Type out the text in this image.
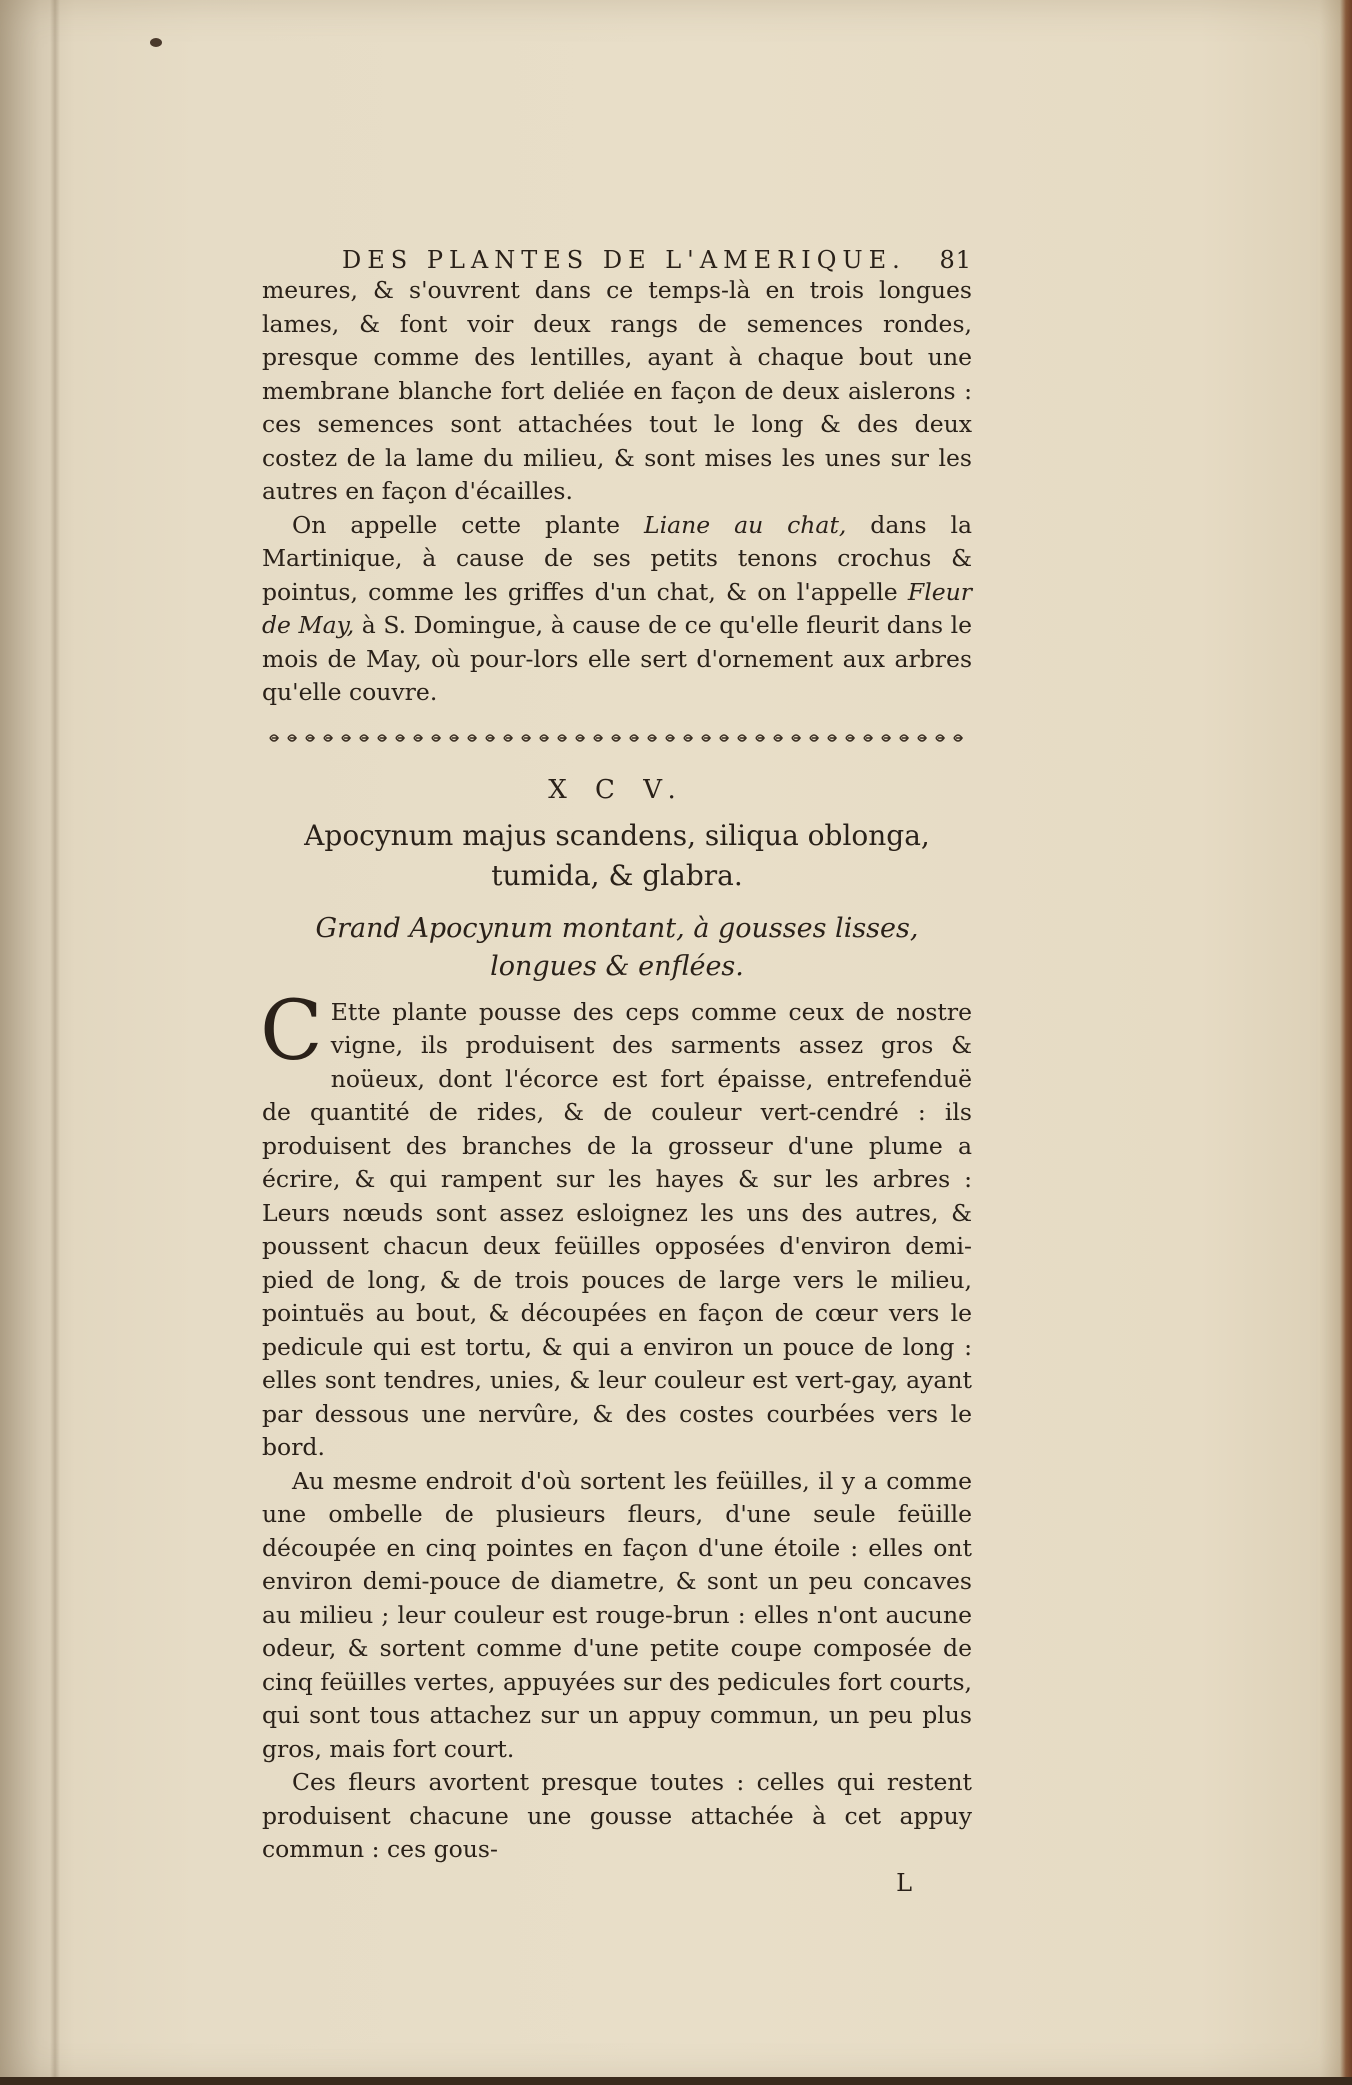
DES PLANTES DE L'AMERIQUE. 81

meures, & s'ouvrent dans ce temps-là en trois longues lames, & font voir deux rangs de semences rondes, presque comme des lentilles, ayant à chaque bout une membrane blanche fort deliée en façon de deux aislerons : ces semences sont attachées tout le long & des deux costez de la lame du milieu, & sont mises les unes sur les autres en façon d'écailles.

On appelle cette plante Liane au chat, dans la Martinique, à cause de ses petits tenons crochus & pointus, comme les griffes d'un chat, & on l'appelle Fleur de May, à S. Domingue, à cause de ce qu'elle fleurit dans le mois de May, où pour-lors elle sert d'ornement aux arbres qu'elle couvre.

X C V.
Apocynum majus scandens, siliqua oblonga, tumida, & glabra.
Grand Apocynum montant, à gousses lisses, longues & enflées.

C Ette plante pousse des ceps comme ceux de nostre vigne, ils produisent des sarments assez gros & noüeux, dont l'écorce est fort épaisse, entrefenduë de quantité de rides, & de couleur vert-cendré : ils produisent des branches de la grosseur d'une plume a écrire, & qui rampent sur les hayes & sur les arbres : Leurs nœuds sont assez esloignez les uns des autres, & poussent chacun deux feüilles opposées d'environ demi-pied de long, & de trois pouces de large vers le milieu, pointuës au bout, & découpées en façon de cœur vers le pedicule qui est tortu, & qui a environ un pouce de long : elles sont tendres, unies, & leur couleur est vert-gay, ayant par dessous une nervûre, & des costes courbées vers le bord.

Au mesme endroit d'où sortent les feüilles, il y a comme une ombelle de plusieurs fleurs, d'une seule feüille découpée en cinq pointes en façon d'une étoile : elles ont environ demi-pouce de diametre, & sont un peu concaves au milieu ; leur couleur est rouge-brun : elles n'ont aucune odeur, & sortent comme d'une petite coupe composée de cinq feüilles vertes, appuyées sur des pedicules fort courts, qui sont tous attachez sur un appuy commun, un peu plus gros, mais fort court.

Ces fleurs avortent presque toutes : celles qui restent produisent chacune une gousse attachée à cet appuy commun : ces gous-

L
